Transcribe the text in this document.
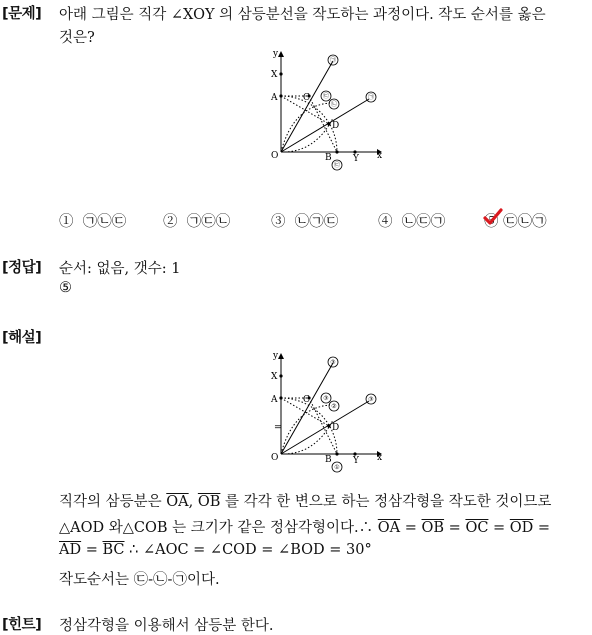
[문제] 아래 그림은 직각 ∠XOY 의 삼등분선을 작도하는 과정이다. 작도 순서를 옳은
것은?
y
X
A	C
D
O	B Y x
㉠
㉠
㉢
㉡
㉢
① ㉠㉡㉢	② ㉠㉢㉡	③ ㉡㉠㉢	④ ㉡㉢㉠	⑤ ㉢㉡㉠
[정답] 순서: 없음, 갯수: 1
⑤
[해설]
y
X
A	C
D
O	B Y x
=
③
③
③
②
①
직각의 삼등분은 $\overline{OA}$, $\overline{OB}$ 를 각각 한 변으로 하는 정삼각형을 작도한 것이므로
△AOD 와△COB 는 크기가 같은 정삼각형이다.∴ $\overline{OA} = \overline{OB} = \overline{OC} = \overline{OD}$ =
$\overline{AD} = \overline{BC}$ ∴ ∠AOC = ∠COD = ∠BOD = 30°
작도순서는 ㉢-㉡-㉠이다.
[힌트] 정삼각형을 이용해서 삼등분 한다.
